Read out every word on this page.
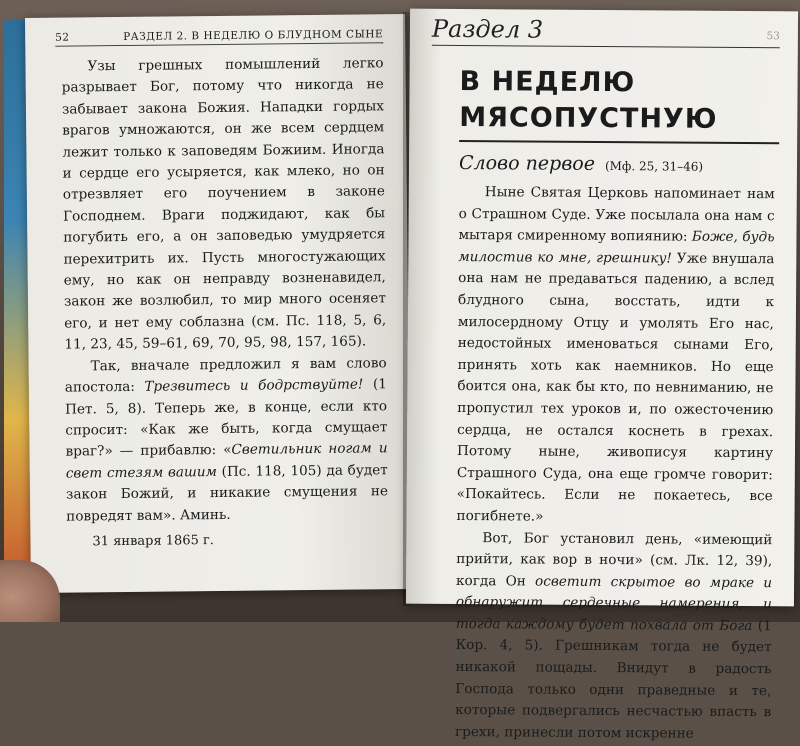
52	РАЗДЕЛ 2. В НЕДЕЛЮ О БЛУДНОМ СЫНЕ

Узы грешных помышлений легко разрывает Бог, потому что никогда не забывает закона Божия. Нападки гордых врагов умножаются, он же всем сердцем лежит только к заповедям Божиим. Иногда и сердце его усыряется, как млеко, но он отрезвляет его поучением в законе Господнем. Враги поджидают, как бы погубить его, а он заповедью умудряется перехитрить их. Пусть многостужающих ему, но как он неправду возненавидел, закон же возлюбил, то мир много осеняет его, и нет ему соблазна (см. Пс. 118, 5, 6, 11, 23, 45, 59–61, 69, 70, 95, 98, 157, 165).

Так, вначале предложил я вам слово апостола: Трезвитесь и бодрствуйте! (1 Пет. 5, 8). Теперь же, в конце, если кто спросит: «Как же быть, когда смущает враг?» — прибавлю: «Светильник ногам и свет стезям вашим (Пс. 118, 105) да будет закон Божий, и никакие смущения не повредят вам». Аминь.

31 января 1865 г.
Раздел 3	53
В НЕДЕЛЮ
МЯСОПУСТНУЮ
Слово первое (Мф. 25, 31–46)

Ныне Святая Церковь напоминает нам о Страшном Суде. Уже посылала она нам с мытаря смиренному вопиянию: Боже, будь милостив ко мне, грешнику! Уже внушала она нам не предаваться падению, а вслед блудного сына, восстать, идти к милосердному Отцу и умолять Его нас, недостойных именоваться сынами Его, принять хоть как наемников. Но еще боится она, как бы кто, по невниманию, не пропустил тех уроков и, по ожесточению сердца, не остался коснеть в грехах. Потому ныне, живописуя картину Страшного Суда, она еще громче говорит: «Покайтесь. Если не покаетесь, все погибнете.»

Вот, Бог установил день, «имеющий прийти, как вор в ночи» (см. Лк. 12, 39), когда Он осветит скрытое во мраке и обнаружит сердечные намерения, и тогда каждому будет похвала от Бога (1 Кор. 4, 5). Грешникам тогда не будет никакой пощады. Внидут в радость Господа только одни праведные и те, которые подвергались несчастью впасть в грехи, принесли потом искренне
